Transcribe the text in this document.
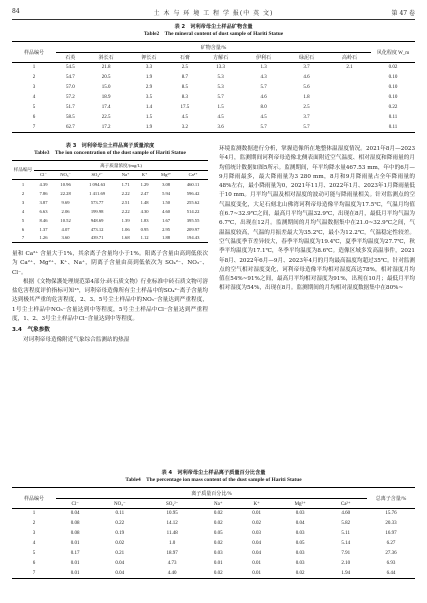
84	土 木 与 环 境 工 程 学 报(中 英 文)	第 47 卷
表 2　诃利帝母尘土样品矿物含量
Table2　The mineral content of dust sample of Hariti Statue
样品编号	矿物含量/%								风化程度 W_m
	石英	斜长石	钾长石	石膏	方解石	伊利石	绿泥石	高岭石	
1	54.5	21.8	3.3	2.5	13.3	1.3	3.7	2.1	0.02
2	54.7	20.5	1.9	8.7	5.3	4.3	4.6		0.10
3	57.0	15.0	2.9	8.5	5.3	5.7	5.6		0.10
4	57.2	18.9	3.5	8.3	5.7	4.6	1.8		0.10
5	51.7	17.4	1.4	17.5	1.5	8.0	2.5		0.22
6	58.5	22.5	1.5	4.5	4.5	4.5	3.7		0.11
7	62.7	17.2	1.9	3.2	3.6	5.7	5.7		0.11
表 3　诃利帝母尘土样品离子质量浓度
Table3　The ion concentration of the dust sample of Hariti Statue
样品编号	离子质量浓度/(mg/L)						
	Cl⁻	NO₃⁻	SO₄²⁻	Na⁺	K⁺	Mg²⁺	Ca²⁺
1	4.39	10.96	1 094.63	1.71	1.29	3.08	460.11
2	7.86	22.28	1 411.69	2.22	2.47	5.94	596.42
3	3.87	9.69	573.77	2.51	1.48	1.50	255.62
4	6.63	2.06	199.98	2.22	4.30	4.60	514.22
5	8.46	10.52	948.69	1.39	1.83	1.67	395.55
6	1.37	4.07	473.12	1.06	0.95	2.95	209.97
7	1.26	3.60	439.71	1.68	1.12	1.88	194.43

量和 Ca²⁺ 含量大于1%，其余离子含量均小于1%。阳离子含量由高到低依次为 Ca²⁺、Mg²⁺、K⁺、Na⁺，阴离子含量由高到低依次为 SO₄²⁻、NO₃⁻、Cl⁻。

根据《文物保護处理规范第4部分:砖石质文物》行业标准中砖石质文物可溶盐危害程度评价指标可知¹³，诃利帝母造像所有尘土样品中的SO₄²⁻离子含量均达到极其严重的危害程度，2、3、5号尘土样品中的NO₃⁻含量达到严重程度，1号尘土样品中NO₃⁻含量达到中等程度，5号尘土样品中Cl⁻含量达到严重程度，1、2、3号尘土样品中Cl⁻含量达到中等程度。

3.4　气象参数

对诃利帝母造像附近气象综合监测站的热湿

环境监测数据进行分析，掌握造像所在地整体温湿度情况。2021年8月—2023年4月，监测期间诃利帝母造像北侧表面附近空气温度、相对湿度和降雨量的月均值统计数据如图5所示。监测期间，年平均降水量467.53 mm，年中的6月—9月降雨最多，最大降雨量为3 280 mm，8月和9月降雨量占全年降雨量的48%左右，最小降雨量为0，2021年11月、2022年1月、2023年1月降雨量低于10 mm。月平均气温及相对湿度的波动可能与降雨量相关。针对监测点的空气温度变化，大足石刻北山佛湾诃利帝母造像平均温度为17.5℃，气温月均值在6.7~32.9℃之间，最高月平均气温32.9℃，出现在8月，最低月平均气温为6.7℃，出现在12月。监测期间的月均气温数据集中在21.0~32.9℃之间，气温温度较高，气温的月振差最大为35.2℃，最小为12.2℃，气温稳定性较差。空气温度季节差异较大，春季平均温度为19.4℃，夏季平均温度为27.7℃，秋季平均温度为17.1℃，冬季平均温度为8.6℃。造像区域多发高温事件，2021年8月、2022年6月—9月、2023年4月的月均最高温度均超过35℃。针对监测点的空气相对湿度变化，诃利帝母造像平均相对湿度高达78%，相对湿度月均值在54%~91%之间，最高月平均相对湿度为91%，出现在10月；最低月平均相对湿度为54%，出现在8月。监测期间的月均相对湿度数据集中在80%~

表 4　诃利帝母尘土样品离子质量百分比含量
Table4　The percentage ion mass content of the dust sample of Hariti Statue
样品编号	离子质量百分比/%							总离子含量/%
	Cl⁻	NO₃⁻	SO₄²⁻	Na⁺	K⁺	Mg²⁺	Ca²⁺	
1	0.04	0.11	10.95	0.02	0.01	0.03	4.60	15.76
2	0.08	0.22	14.12	0.02	0.02	0.04	5.82	20.33
3	0.08	0.19	11.48	0.05	0.03	0.03	5.11	16.97
4	0.01	0.02	1.0	0.02	0.04	0.05	5.14	6.27
5	0.17	0.21	18.97	0.03	0.04	0.03	7.91	27.36
6	0.01	0.04	4.73	0.01	0.01	0.03	2.10	6.93
7	0.01	0.04	4.40	0.02	0.01	0.02	1.94	6.44
